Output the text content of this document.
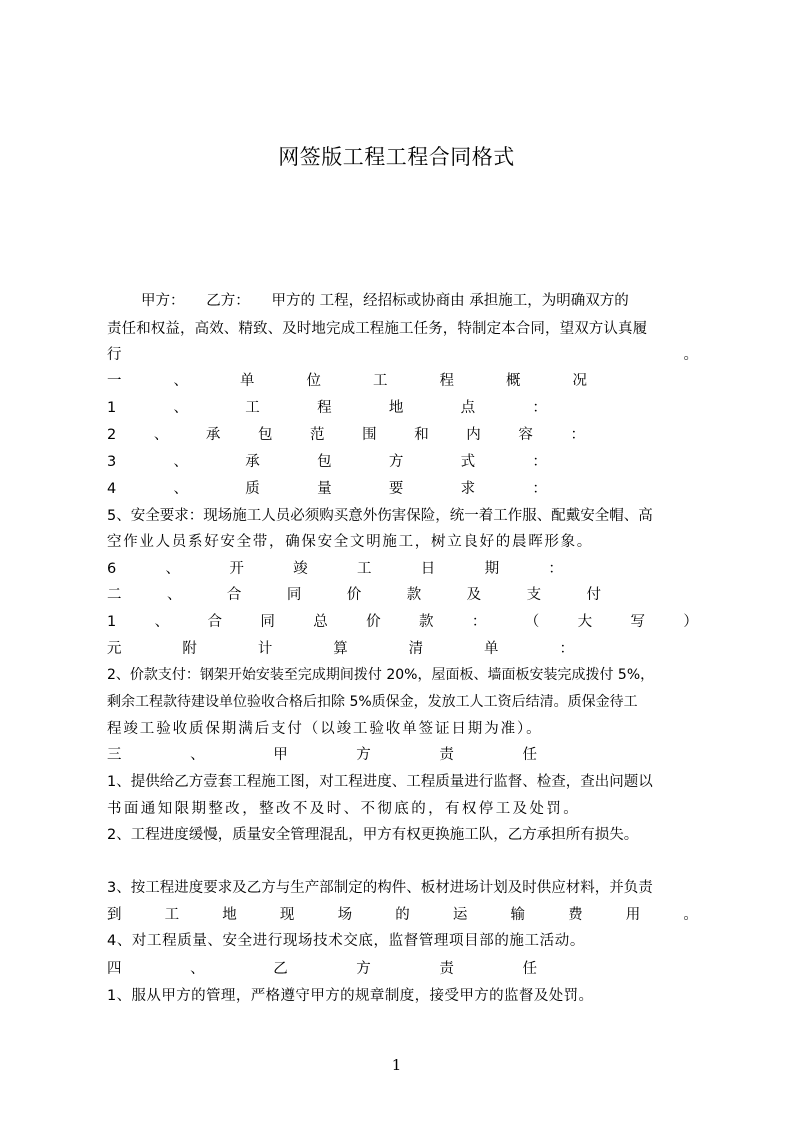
网签版工程工程合同格式
甲方：　　乙方：　　甲方的 工程，经招标或协商由 承担施工，为明确双方的
责任和权益，高效、精致、及时地完成工程施工任务，特制定本合同，望双方认真履
行	。
一	、	单	位	工	程	概	况
1	、	工	程	地	点	：
2	、	承	包	范	围	和	内	容	：
3	、	承	包	方	式	：
4	、	质	量	要	求	：
5、安全要求：现场施工人员必须购买意外伤害保险，统一着工作服、配戴安全帽、高
空作业人员系好安全带，确保安全文明施工，树立良好的晨晖形象。
6	、	开	竣	工	日	期	：
二	、	合	同	价	款	及	支	付
1	、	合	同	总	价	款	：	（	大	写	）
元	附	计	算	清	单	：
2、价款支付：钢架开始安装至完成期间拨付 20%，屋面板、墙面板安装完成拨付 5%，
剩余工程款待建设单位验收合格后扣除 5%质保金，发放工人工资后结清。质保金待工
程竣工验收质保期满后支付（以竣工验收单签证日期为准）。
三	、	甲	方	责	任
1、提供给乙方壹套工程施工图，对工程进度、工程质量进行监督、检查，查出问题以
书面通知限期整改，整改不及时、不彻底的，有权停工及处罚。
2、工程进度缓慢，质量安全管理混乱，甲方有权更换施工队，乙方承担所有损失。
3、按工程进度要求及乙方与生产部制定的构件、板材进场计划及时供应材料，并负责
到	工	地	现	场	的	运	输	费	用	。
4、对工程质量、安全进行现场技术交底，监督管理项目部的施工活动。
四	、	乙	方	责	任
1、服从甲方的管理，严格遵守甲方的规章制度，接受甲方的监督及处罚。
1
